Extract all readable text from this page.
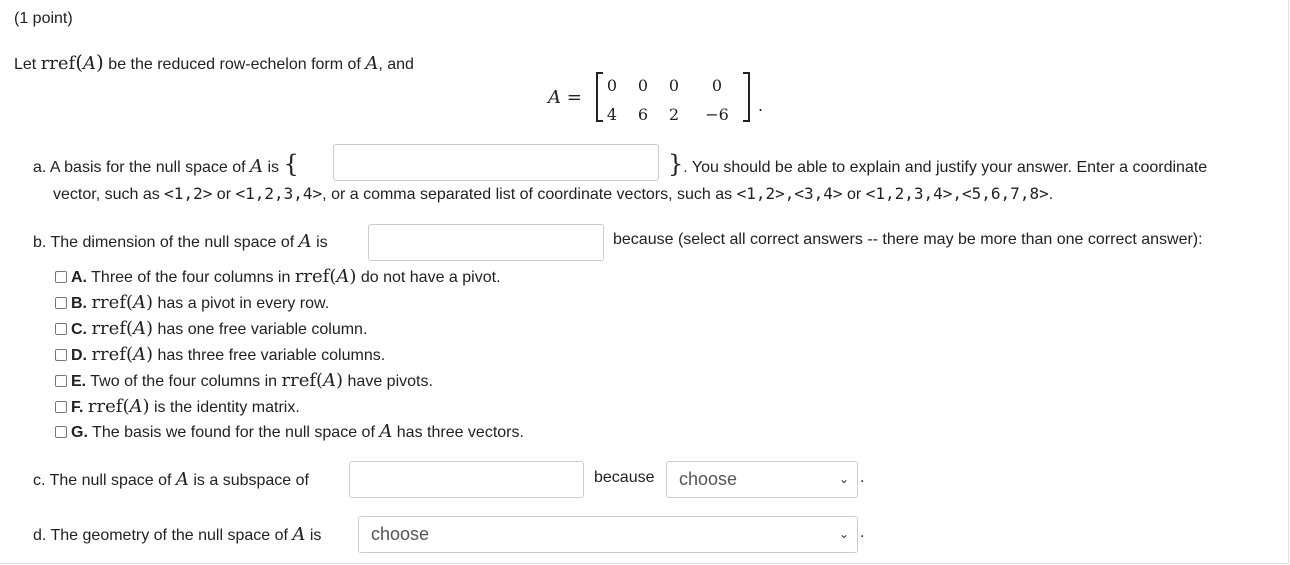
(1 point)
Let rref(A) be the reduced row-echelon form of A, and
A =
0	0	0	0
4	6	2	−6	.
a. A basis for the null space of A is {	}. You should be able to explain and justify your answer. Enter a coordinate
vector, such as <1,2> or <1,2,3,4>, or a comma separated list of coordinate vectors, such as <1,2>,<3,4> or <1,2,3,4>,<5,6,7,8>.
b. The dimension of the null space of A is	because (select all correct answers -- there may be more than one correct answer):
A. Three of the four columns in rref(A) do not have a pivot.
B. rref(A) has a pivot in every row.
C. rref(A) has one free variable column.
D. rref(A) has three free variable columns.
E. Two of the four columns in rref(A) have pivots.
F. rref(A) is the identity matrix.
G. The basis we found for the null space of A has three vectors.
c. The null space of A is a subspace of	because	choose	⌄ .
d. The geometry of the null space of A is	choose	⌄ .
